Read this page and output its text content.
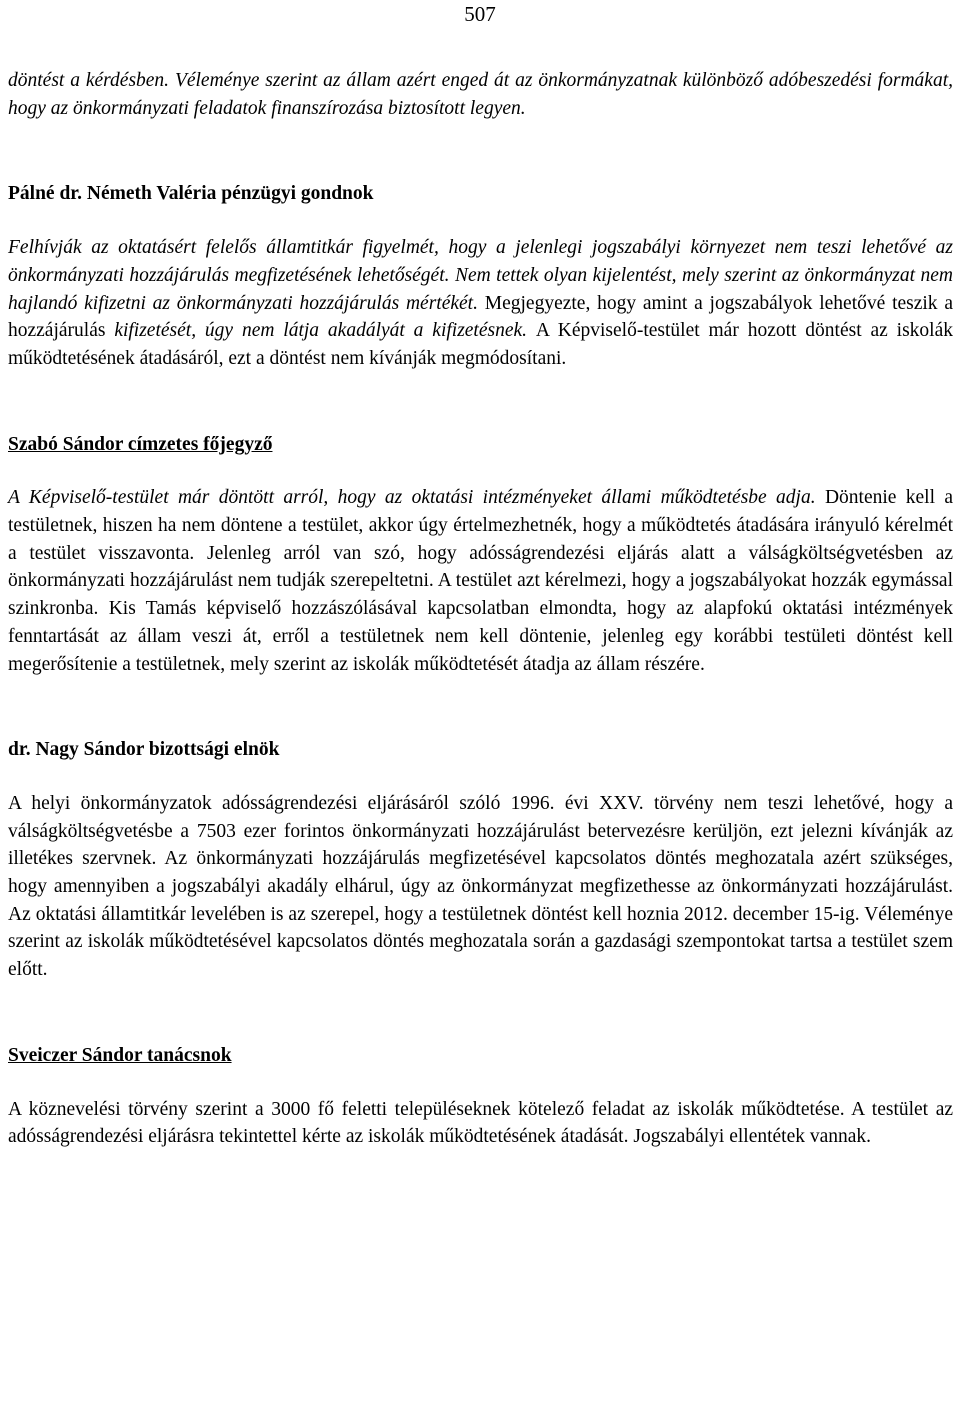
507

döntést a kérdésben. Véleménye szerint az állam azért enged át az önkormányzatnak különböző adóbeszedési formákat, hogy az önkormányzati feladatok finanszírozása biztosított legyen.

Pálné dr. Németh Valéria pénzügyi gondnok

Felhívják az oktatásért felelős államtitkár figyelmét, hogy a jelenlegi jogszabályi környezet nem teszi lehetővé az önkormányzati hozzájárulás megfizetésének lehetőségét. Nem tettek olyan kijelentést, mely szerint az önkormányzat nem hajlandó kifizetni az önkormányzati hozzájárulás mértékét. Megjegyezte, hogy amint a jogszabályok lehetővé teszik a hozzájárulás kifizetését, úgy nem látja akadályát a kifizetésnek. A Képviselő-testület már hozott döntést az iskolák működtetésének átadásáról, ezt a döntést nem kívánják megmódosítani.

Szabó Sándor címzetes főjegyző

A Képviselő-testület már döntött arról, hogy az oktatási intézményeket állami működtetésbe adja. Döntenie kell a testületnek, hiszen ha nem döntene a testület, akkor úgy értelmezhetnék, hogy a működtetés átadására irányuló kérelmét a testület visszavonta. Jelenleg arról van szó, hogy adósságrendezési eljárás alatt a válságköltségvetésben az önkormányzati hozzájárulást nem tudják szerepeltetni. A testület azt kérelmezi, hogy a jogszabályokat hozzák egymással szinkronba. Kis Tamás képviselő hozzászólásával kapcsolatban elmondta, hogy az alapfokú oktatási intézmények fenntartását az állam veszi át, erről a testületnek nem kell döntenie, jelenleg egy korábbi testületi döntést kell megerősítenie a testületnek, mely szerint az iskolák működtetését átadja az állam részére.

dr. Nagy Sándor bizottsági elnök

A helyi önkormányzatok adósságrendezési eljárásáról szóló 1996. évi XXV. törvény nem teszi lehetővé, hogy a válságköltségvetésbe a 7503 ezer forintos önkormányzati hozzájárulást betervezésre kerüljön, ezt jelezni kívánják az illetékes szervnek. Az önkormányzati hozzájárulás megfizetésével kapcsolatos döntés meghozatala azért szükséges, hogy amennyiben a jogszabályi akadály elhárul, úgy az önkormányzat megfizethesse az önkormányzati hozzájárulást. Az oktatási államtitkár levelében is az szerepel, hogy a testületnek döntést kell hoznia 2012. december 15-ig. Véleménye szerint az iskolák működtetésével kapcsolatos döntés meghozatala során a gazdasági szempontokat tartsa a testület szem előtt.

Sveiczer Sándor tanácsnok

A köznevelési törvény szerint a 3000 fő feletti településeknek kötelező feladat az iskolák működtetése. A testület az adósságrendezési eljárásra tekintettel kérte az iskolák működtetésének átadását. Jogszabályi ellentétek vannak.
